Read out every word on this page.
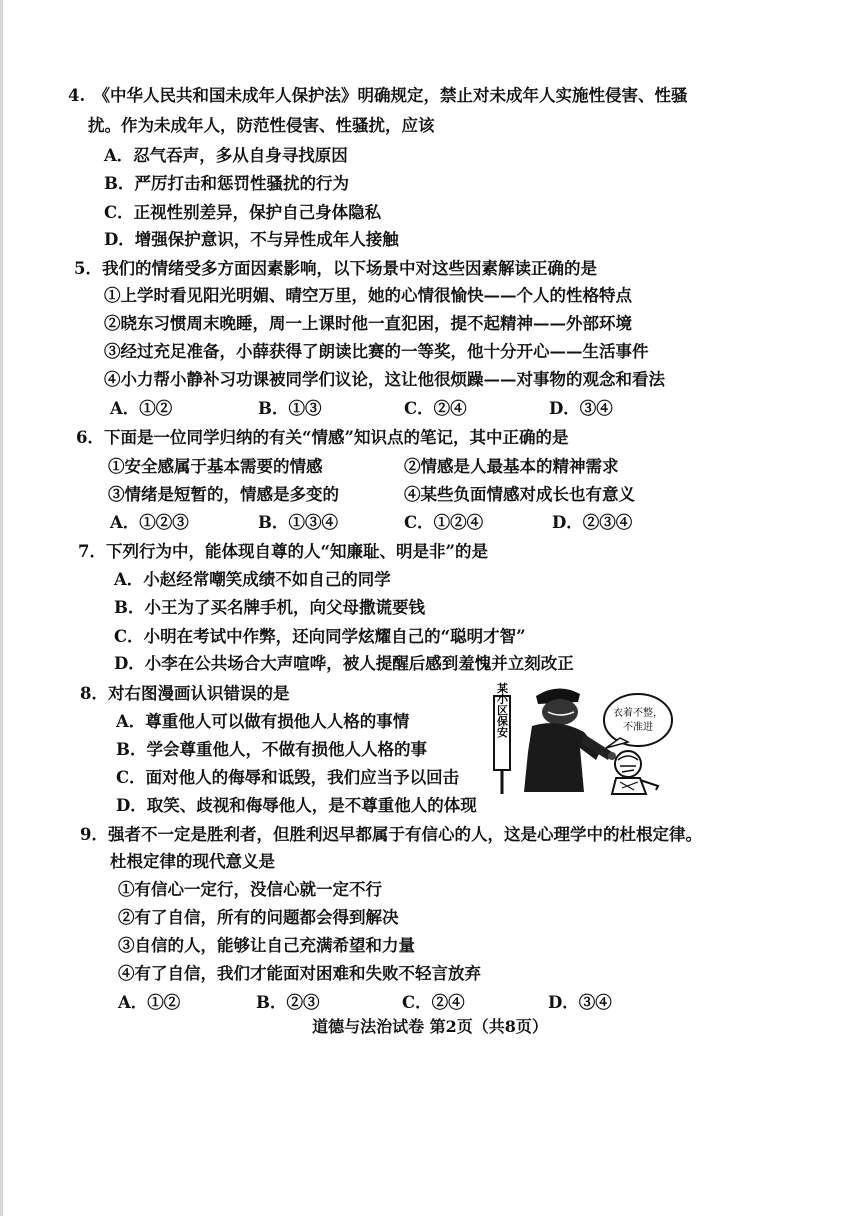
4.　《中华人民共和国未成年人保护法》明确规定，禁止对未成年人实施性侵害、性骚
扰。作为未成年人，防范性侵害、性骚扰，应该
A．忍气吞声，多从自身寻找原因
B．严厉打击和惩罚性骚扰的行为
C．正视性别差异，保护自己身体隐私
D．增强保护意识，不与异性成年人接触
5．我们的情绪受多方面因素影响，以下场景中对这些因素解读正确的是
①上学时看见阳光明媚、晴空万里，她的心情很愉快——个人的性格特点
②晓东习惯周末晚睡，周一上课时他一直犯困，提不起精神——外部环境
③经过充足准备，小薛获得了朗读比赛的一等奖，他十分开心——生活事件
④小力帮小静补习功课被同学们议论，这让他很烦躁——对事物的观念和看法
A．①②	B．①③	C．②④	D．③④
6．下面是一位同学归纳的有关“情感”知识点的笔记，其中正确的是
①安全感属于基本需要的情感	②情感是人最基本的精神需求
③情绪是短暂的，情感是多变的	④某些负面情感对成长也有意义
A．①②③	B．①③④	C．①②④	D．②③④
7．下列行为中，能体现自尊的人“知廉耻、明是非”的是
A．小赵经常嘲笑成绩不如自己的同学
B．小王为了买名牌手机，向父母撒谎要钱
C．小明在考试中作弊，还向同学炫耀自己的“聪明才智”
D．小李在公共场合大声喧哗，被人提醒后感到羞愧并立刻改正
8．对右图漫画认识错误的是
A．尊重他人可以做有损他人人格的事情
B．学会尊重他人，不做有损他人人格的事
C．面对他人的侮辱和诋毁，我们应当予以回击
D．取笑、歧视和侮辱他人，是不尊重他人的体现
某小区保安	衣着不整，
不准进
9．强者不一定是胜利者，但胜利迟早都属于有信心的人，这是心理学中的杜根定律。
杜根定律的现代意义是
①有信心一定行，没信心就一定不行
②有了自信，所有的问题都会得到解决
③自信的人，能够让自己充满希望和力量
④有了自信，我们才能面对困难和失败不轻言放弃
A．①②	B．②③	C．②④	D．③④
道德与法治试卷 第2页（共8页）
